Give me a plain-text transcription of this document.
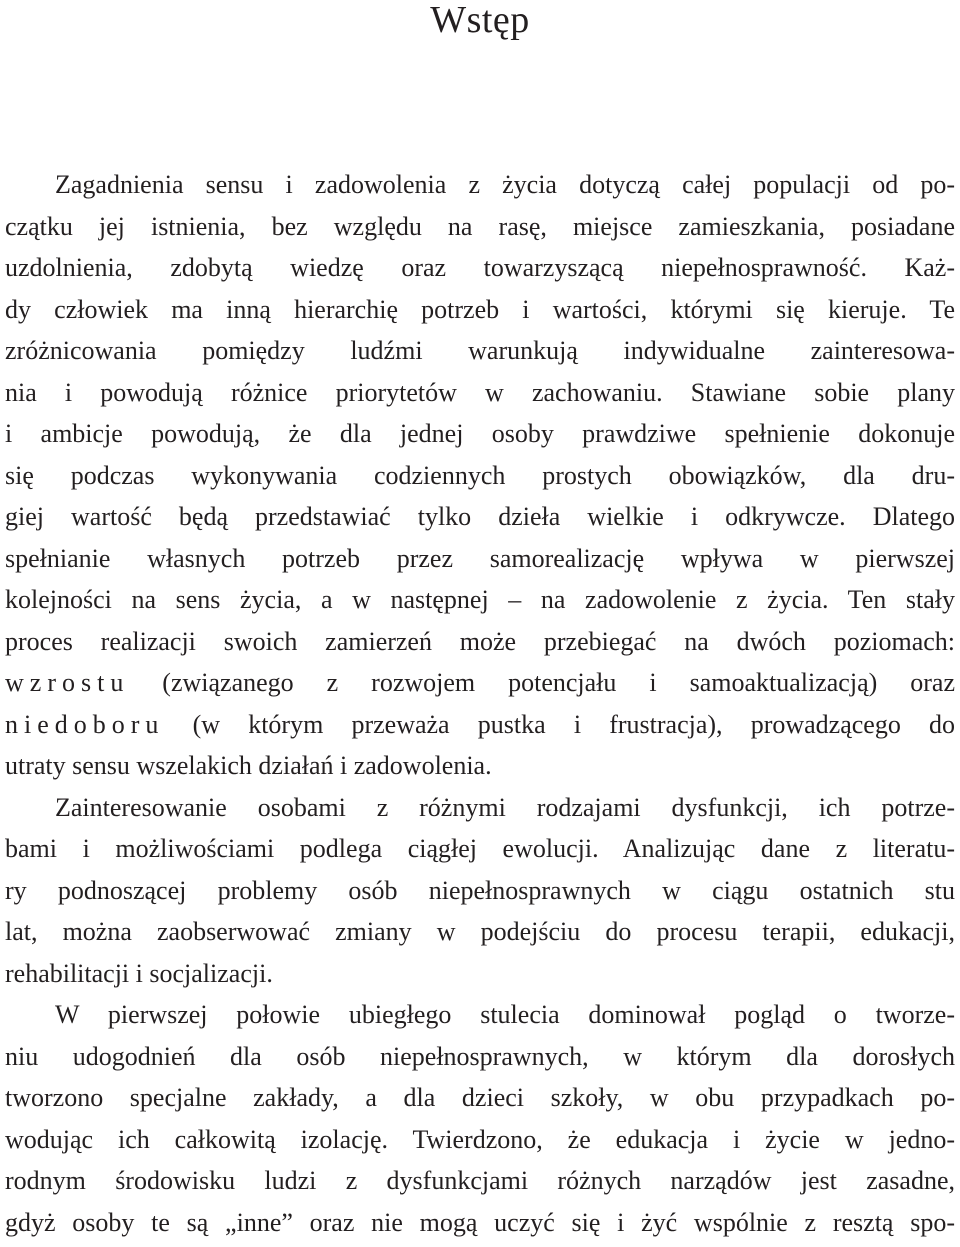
Wstęp
Zagadnienia sensu i zadowolenia z życia dotyczą całej populacji od po-
czątku jej istnienia, bez względu na rasę, miejsce zamieszkania, posiadane
uzdolnienia, zdobytą wiedzę oraz towarzyszącą niepełnosprawność. Każ-
dy człowiek ma inną hierarchię potrzeb i wartości, którymi się kieruje. Te
zróżnicowania pomiędzy ludźmi warunkują indywidualne zainteresowa-
nia i powodują różnice priorytetów w zachowaniu. Stawiane sobie plany
i ambicje powodują, że dla jednej osoby prawdziwe spełnienie dokonuje
się podczas wykonywania codziennych prostych obowiązków, dla dru-
giej wartość będą przedstawiać tylko dzieła wielkie i odkrywcze. Dlatego
spełnianie własnych potrzeb przez samorealizację wpływa w pierwszej
kolejności na sens życia, a w następnej – na zadowolenie z życia. Ten stały
proces realizacji swoich zamierzeń może przebiegać na dwóch poziomach:
wzrostu (związanego z rozwojem potencjału i samoaktualizacją) oraz
niedoboru (w którym przeważa pustka i frustracja), prowadzącego do
utraty sensu wszelakich działań i zadowolenia.
Zainteresowanie osobami z różnymi rodzajami dysfunkcji, ich potrze-
bami i możliwościami podlega ciągłej ewolucji. Analizując dane z literatu-
ry podnoszącej problemy osób niepełnosprawnych w ciągu ostatnich stu
lat, można zaobserwować zmiany w podejściu do procesu terapii, edukacji,
rehabilitacji i socjalizacji.
W pierwszej połowie ubiegłego stulecia dominował pogląd o tworze-
niu udogodnień dla osób niepełnosprawnych, w którym dla dorosłych
tworzono specjalne zakłady, a dla dzieci szkoły, w obu przypadkach po-
wodując ich całkowitą izolację. Twierdzono, że edukacja i życie w jedno-
rodnym środowisku ludzi z dysfunkcjami różnych narządów jest zasadne,
gdyż osoby te są „inne” oraz nie mogą uczyć się i żyć wspólnie z resztą spo-
